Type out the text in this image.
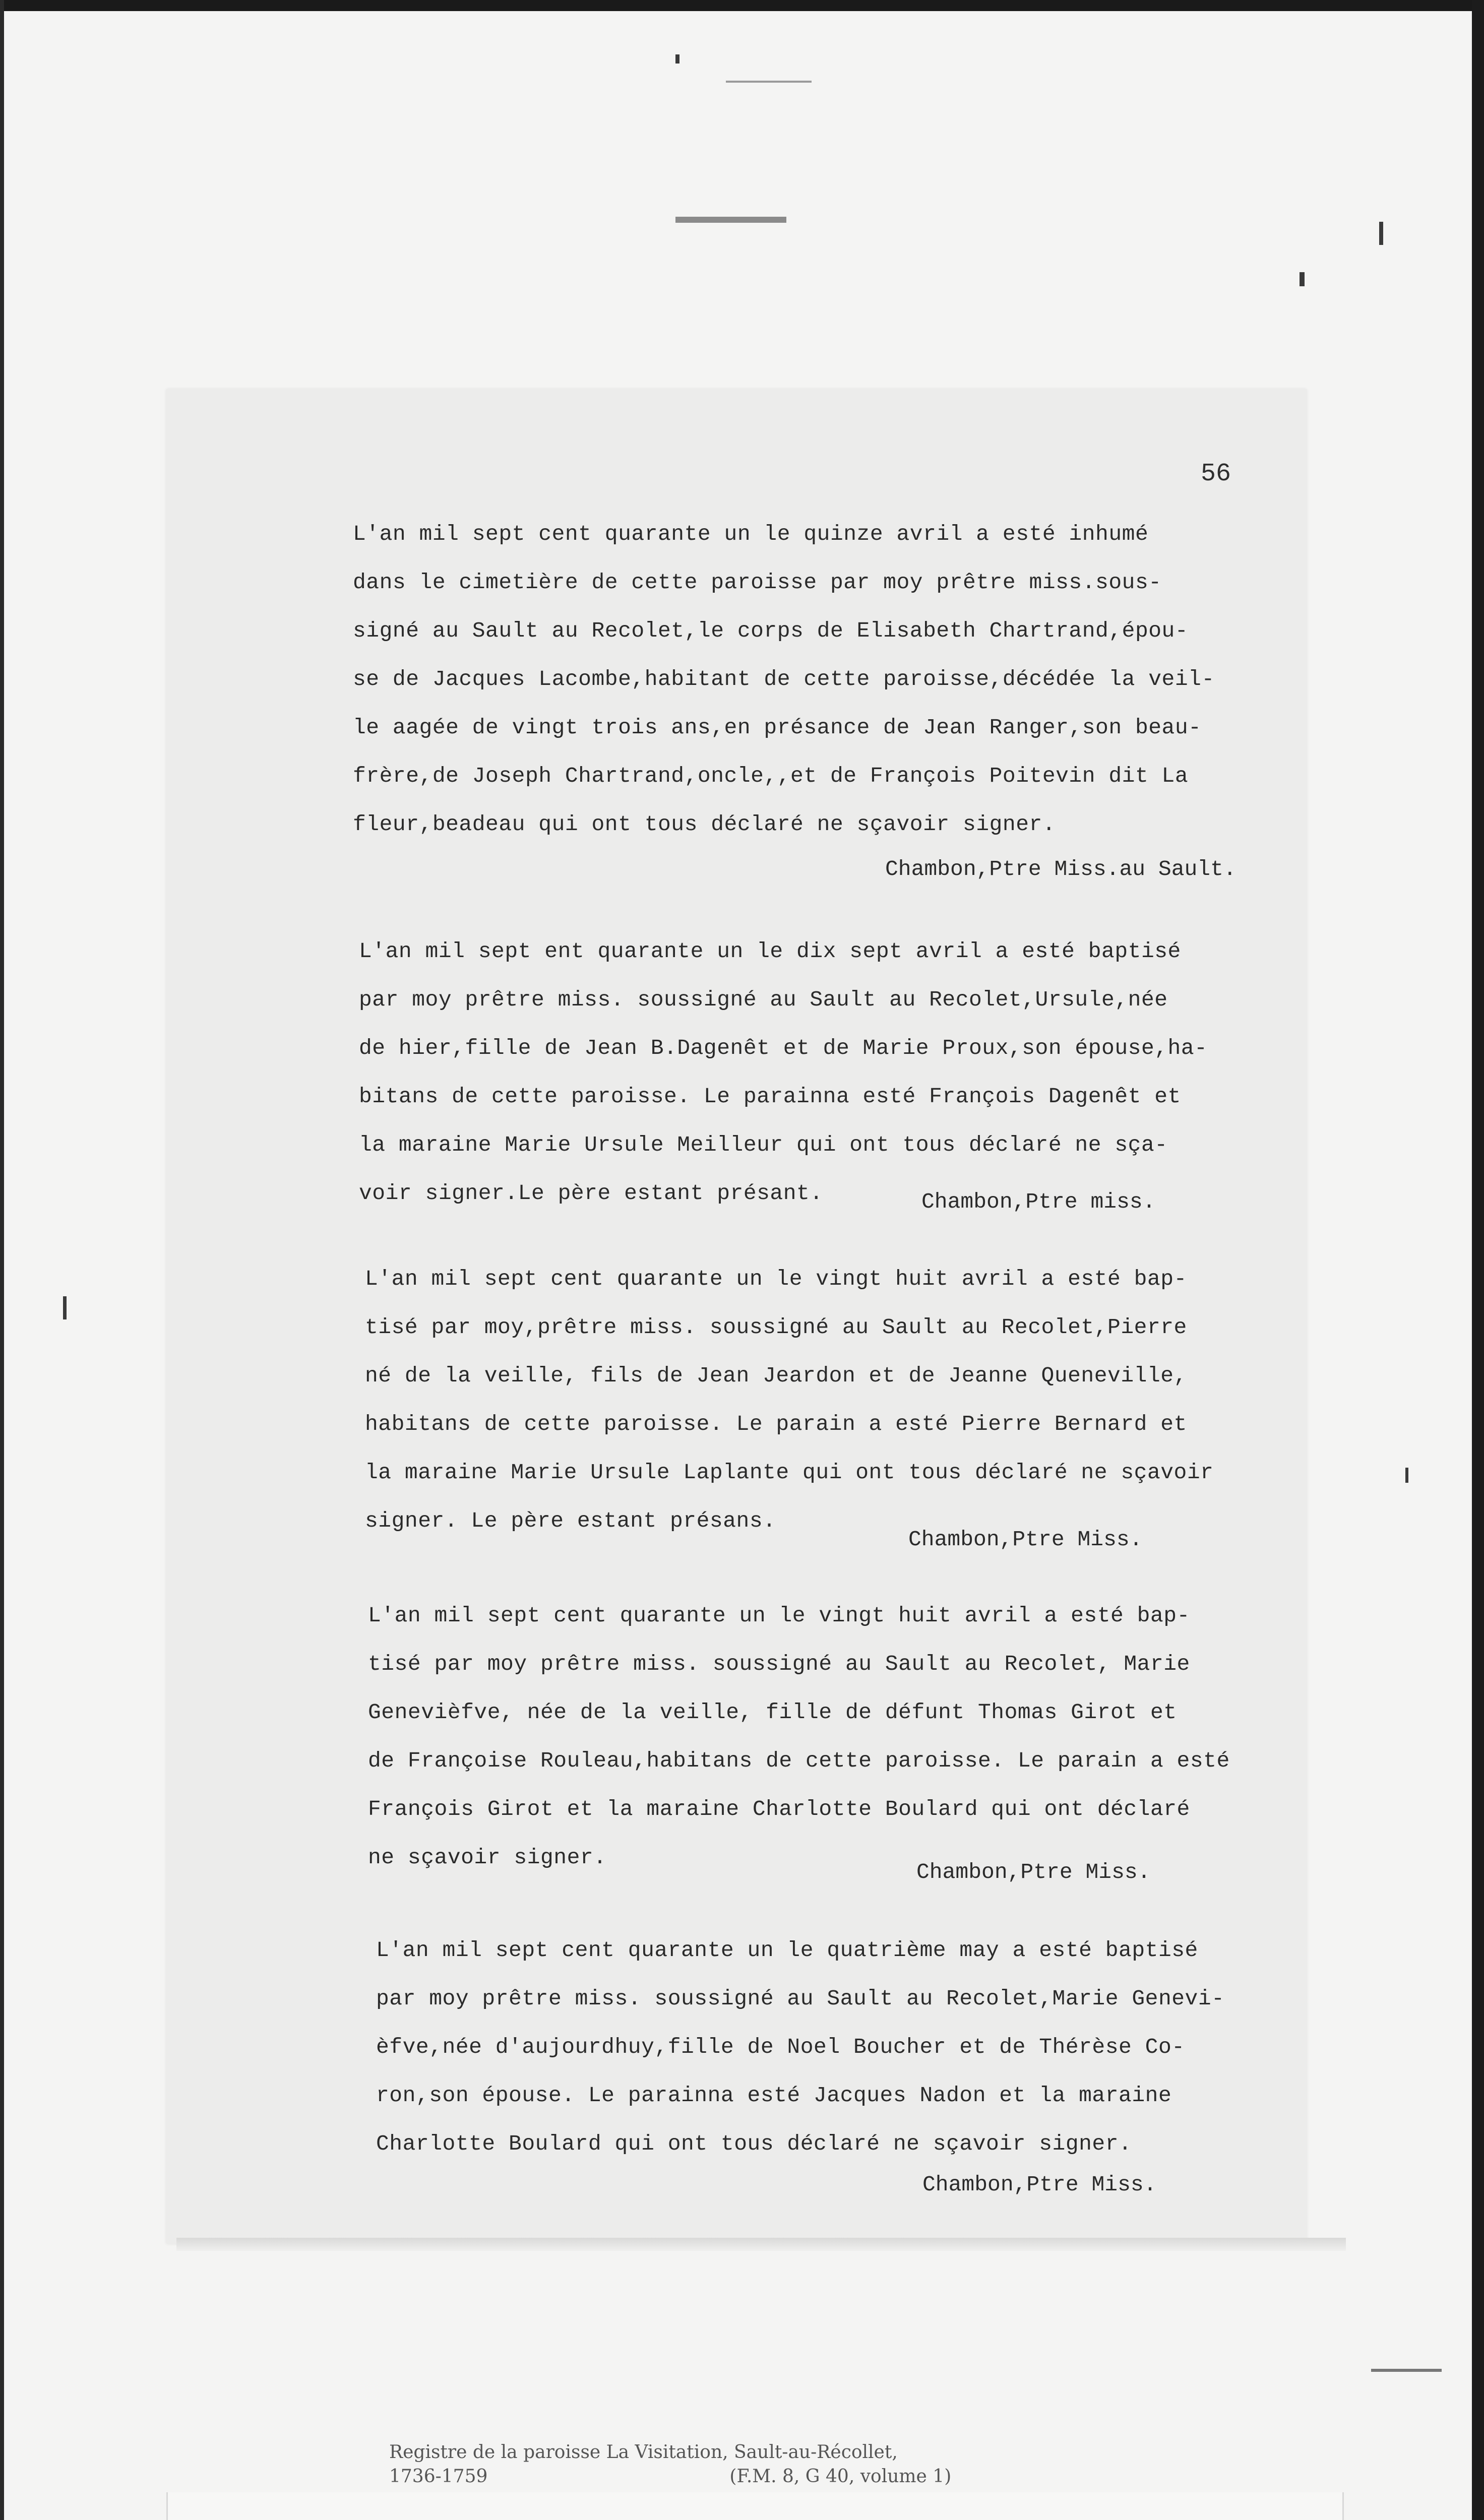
56
L'an mil sept cent quarante un le quinze avril a esté inhumé
dans le cimetière de cette paroisse par moy prêtre miss.sous-
signé au Sault au Recolet,le corps de Elisabeth Chartrand,épou-
se de Jacques Lacombe,habitant de cette paroisse,décédée la veil-
le aagée de vingt trois ans,en présance de Jean Ranger,son beau-
frère,de Joseph Chartrand,oncle,,et de François Poitevin dit La
fleur,beadeau qui ont tous déclaré ne sçavoir signer.
Chambon,Ptre Miss.au Sault.
L'an mil sept ent quarante un le dix sept avril a esté baptisé
par moy prêtre miss. soussigné au Sault au Recolet,Ursule,née
de hier,fille de Jean B.Dagenêt et de Marie Proux,son épouse,ha-
bitans de cette paroisse. Le parainna esté François Dagenêt et
la maraine Marie Ursule Meilleur qui ont tous déclaré ne sça-
voir signer.Le père estant présant.	Chambon,Ptre miss.
L'an mil sept cent quarante un le vingt huit avril a esté bap-
tisé par moy,prêtre miss. soussigné au Sault au Recolet,Pierre
né de la veille, fils de Jean Jeardon et de Jeanne Queneville,
habitans de cette paroisse. Le parain a esté Pierre Bernard et
la maraine Marie Ursule Laplante qui ont tous déclaré ne sçavoir
signer. Le père estant présans.
Chambon,Ptre Miss.
L'an mil sept cent quarante un le vingt huit avril a esté bap-
tisé par moy prêtre miss. soussigné au Sault au Recolet, Marie
Genevièfve, née de la veille, fille de défunt Thomas Girot et
de Françoise Rouleau,habitans de cette paroisse. Le parain a esté
François Girot et la maraine Charlotte Boulard qui ont déclaré
ne sçavoir signer.
Chambon,Ptre Miss.
L'an mil sept cent quarante un le quatrième may a esté baptisé
par moy prêtre miss. soussigné au Sault au Recolet,Marie Genevi-
èfve,née d'aujourdhuy,fille de Noel Boucher et de Thérèse Co-
ron,son épouse. Le parainna esté Jacques Nadon et la maraine
Charlotte Boulard qui ont tous déclaré ne sçavoir signer.
Chambon,Ptre Miss.
Registre de la paroisse La Visitation, Sault-au-Récollet,
1736-1759	(F.M. 8, G 40, volume 1)
